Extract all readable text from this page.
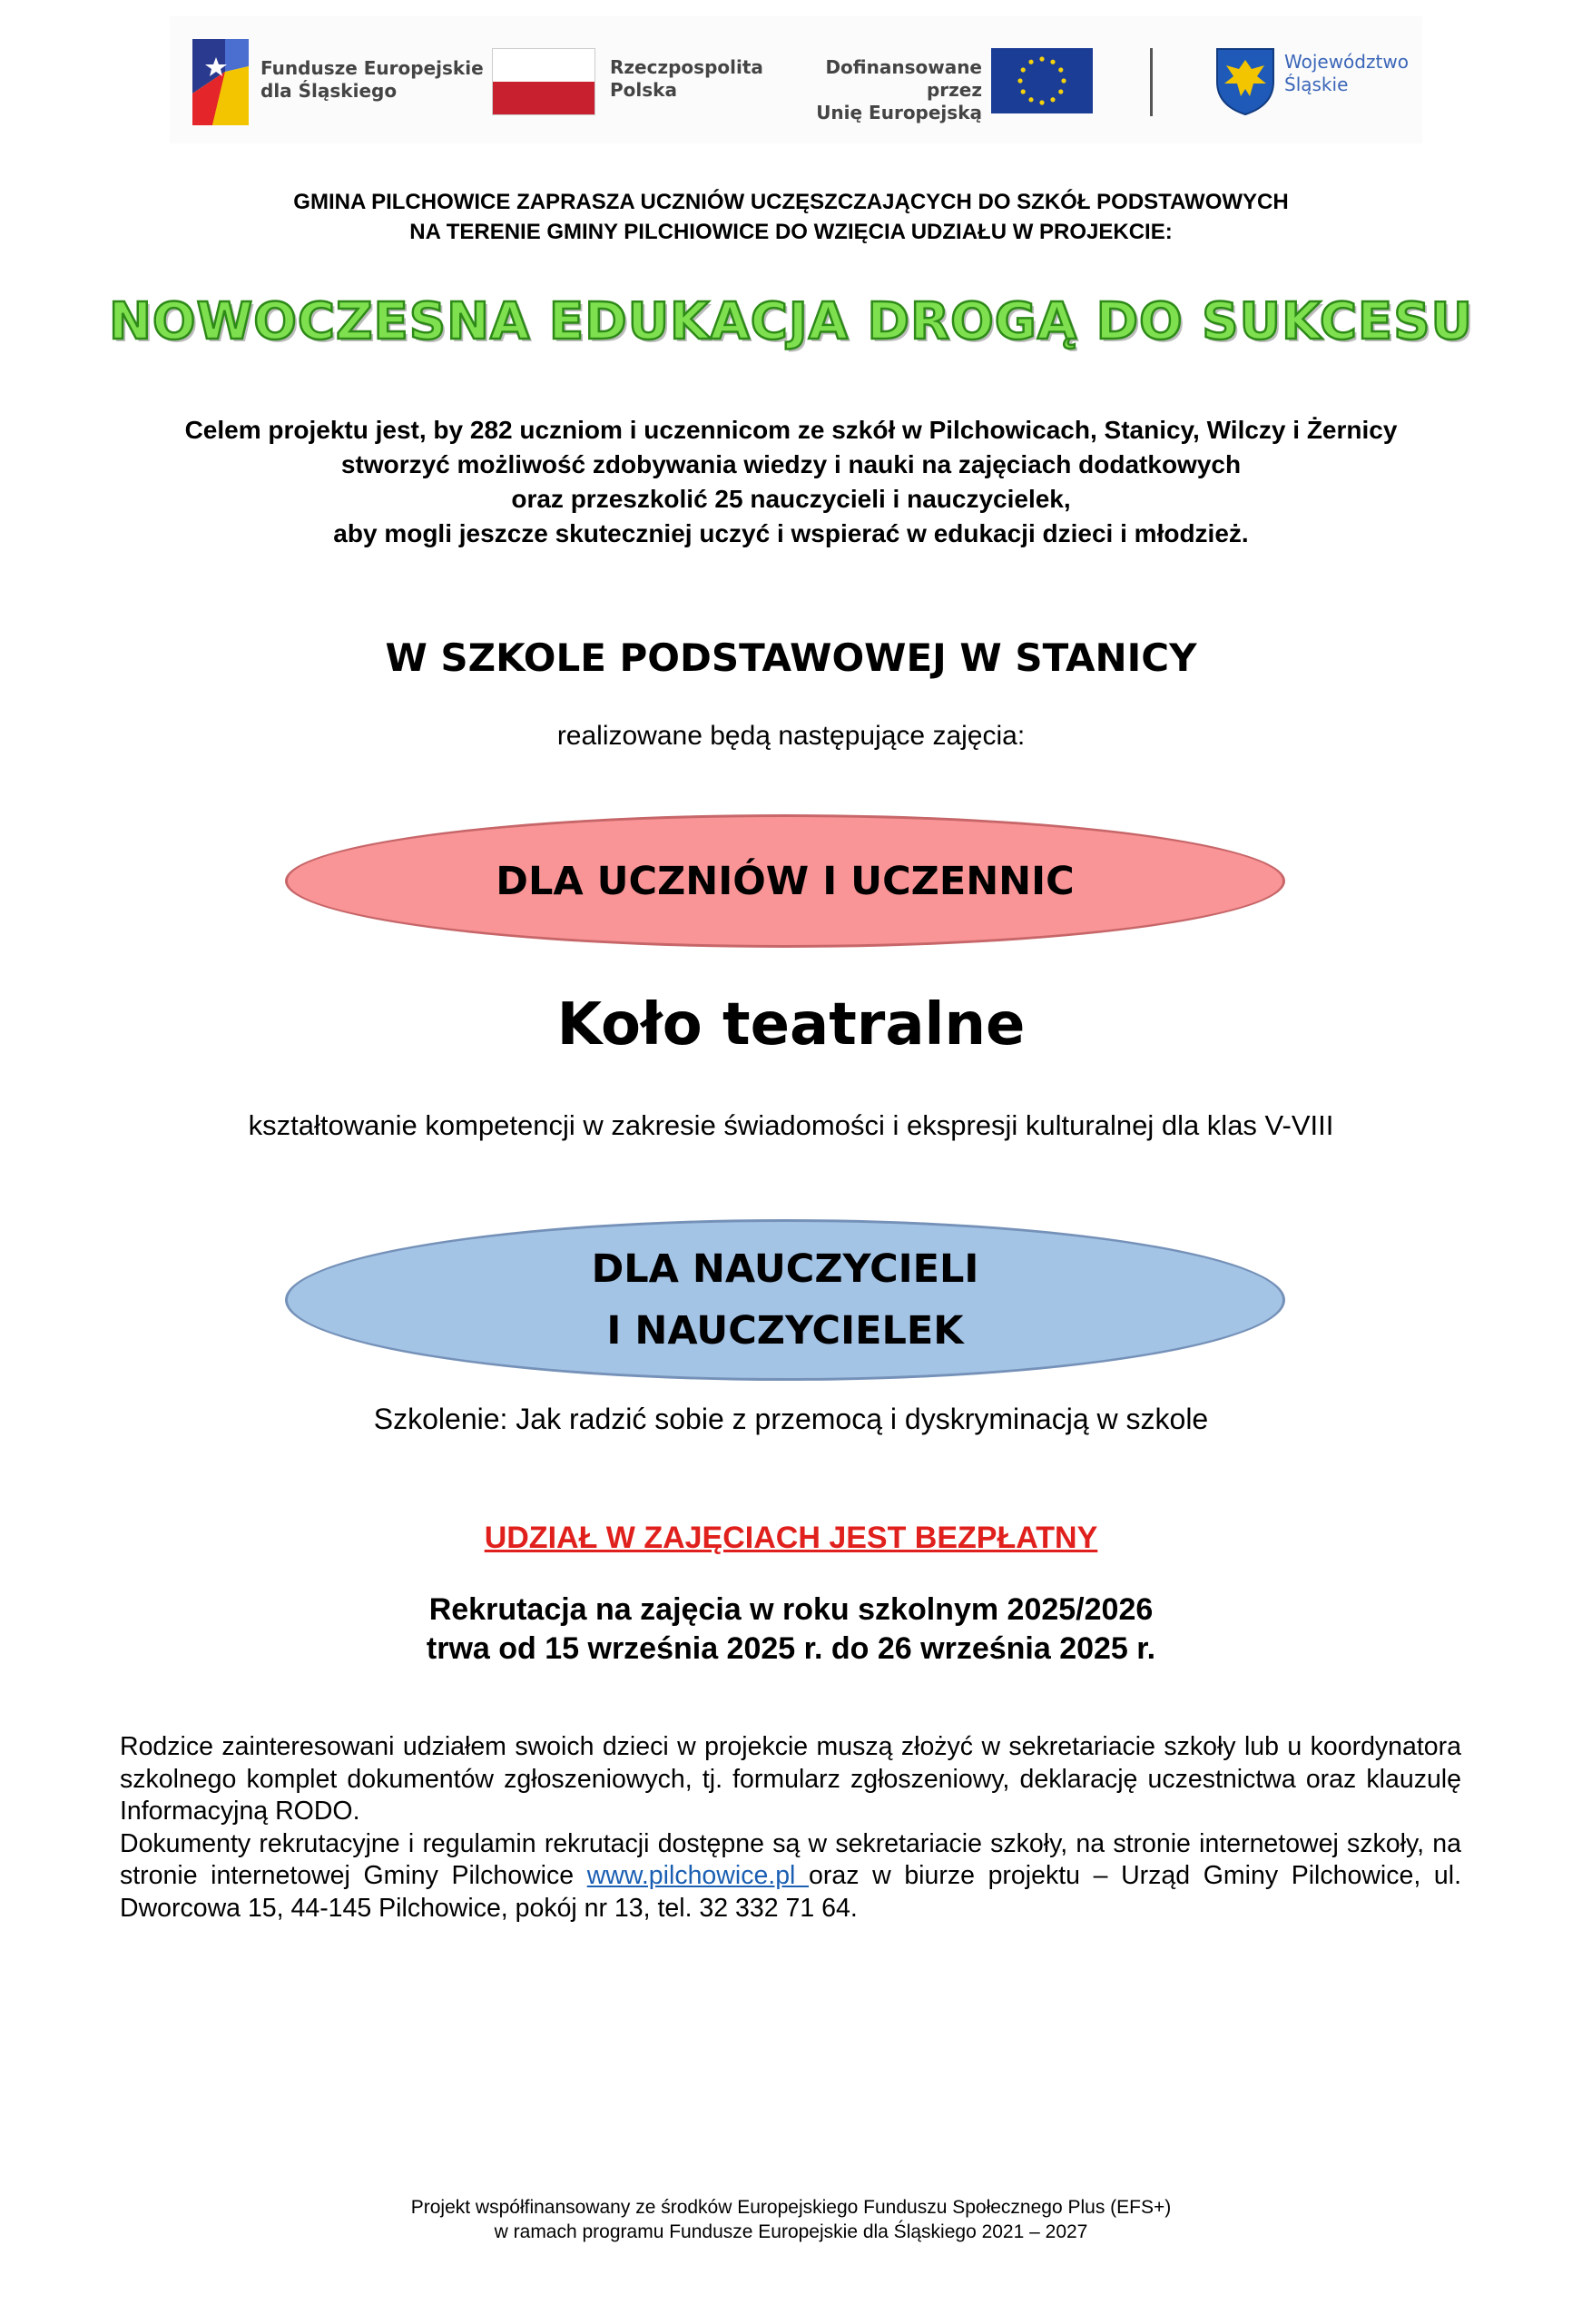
Fundusze Europejskie
dla Śląskiego
Rzeczpospolita
Polska
Dofinansowane przez
Unię Europejską
Województwo
Śląskie
GMINA PILCHOWICE ZAPRASZA UCZNIÓW UCZĘSZCZAJĄCYCH DO SZKÓŁ PODSTAWOWYCH
NA TERENIE GMINY PILCHIOWICE DO WZIĘCIA UDZIAŁU W PROJEKCIE:
NOWOCZESNA EDUKACJA DROGĄ DO SUKCESU
Celem projektu jest, by 282 uczniom i uczennicom ze szkół w Pilchowicach, Stanicy, Wilczy i Żernicy
stworzyć możliwość zdobywania wiedzy i nauki na zajęciach dodatkowych
oraz przeszkolić 25 nauczycieli i nauczycielek,
aby mogli jeszcze skuteczniej uczyć i wspierać w edukacji dzieci i młodzież.
W SZKOLE PODSTAWOWEJ W STANICY
realizowane będą następujące zajęcia:
DLA UCZNIÓW I UCZENNIC
Koło teatralne
kształtowanie kompetencji w zakresie świadomości i ekspresji kulturalnej dla klas V-VIII
DLA NAUCZYCIELI
I NAUCZYCIELEK
Szkolenie: Jak radzić sobie z przemocą i dyskryminacją w szkole
UDZIAŁ W ZAJĘCIACH JEST BEZPŁATNY
Rekrutacja na zajęcia w roku szkolnym 2025/2026
trwa od 15 września 2025 r. do 26 września 2025 r.
Rodzice zainteresowani udziałem swoich dzieci w projekcie muszą złożyć w sekretariacie szkoły lub u koordynatora szkolnego komplet dokumentów zgłoszeniowych, tj. formularz zgłoszeniowy, deklarację uczestnictwa oraz klauzulę Informacyjną RODO.
Dokumenty rekrutacyjne i regulamin rekrutacji dostępne są w sekretariacie szkoły, na stronie internetowej szkoły, na stronie internetowej Gminy Pilchowice www.pilchowice.pl oraz w biurze projektu – Urząd Gminy Pilchowice, ul. Dworcowa 15, 44-145 Pilchowice, pokój nr 13, tel. 32 332 71 64.
Projekt współfinansowany ze środków Europejskiego Funduszu Społecznego Plus (EFS+)
w ramach programu Fundusze Europejskie dla Śląskiego 2021 – 2027
